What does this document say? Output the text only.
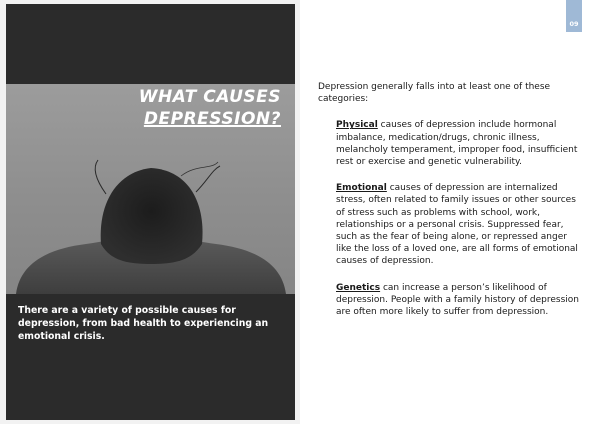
WHAT CAUSES
DEPRESSION?
There are a variety of possible causes for depression, from bad health to experiencing an emotional crisis.
09

Depression generally falls into at least one of these categories:

Physical causes of depression include hormonal imbalance, medication/drugs, chronic illness, melancholy temperament, improper food, insufficient rest or exercise and genetic vulnerability.

Emotional causes of depression are internalized stress, often related to family issues or other sources of stress such as problems with school, work, relationships or a personal crisis. Suppressed fear, such as the fear of being alone, or repressed anger like the loss of a loved one, are all forms of emotional causes of depression.

Genetics can increase a person’s likelihood of depression. People with a family history of depression are often more likely to suffer from depression.
